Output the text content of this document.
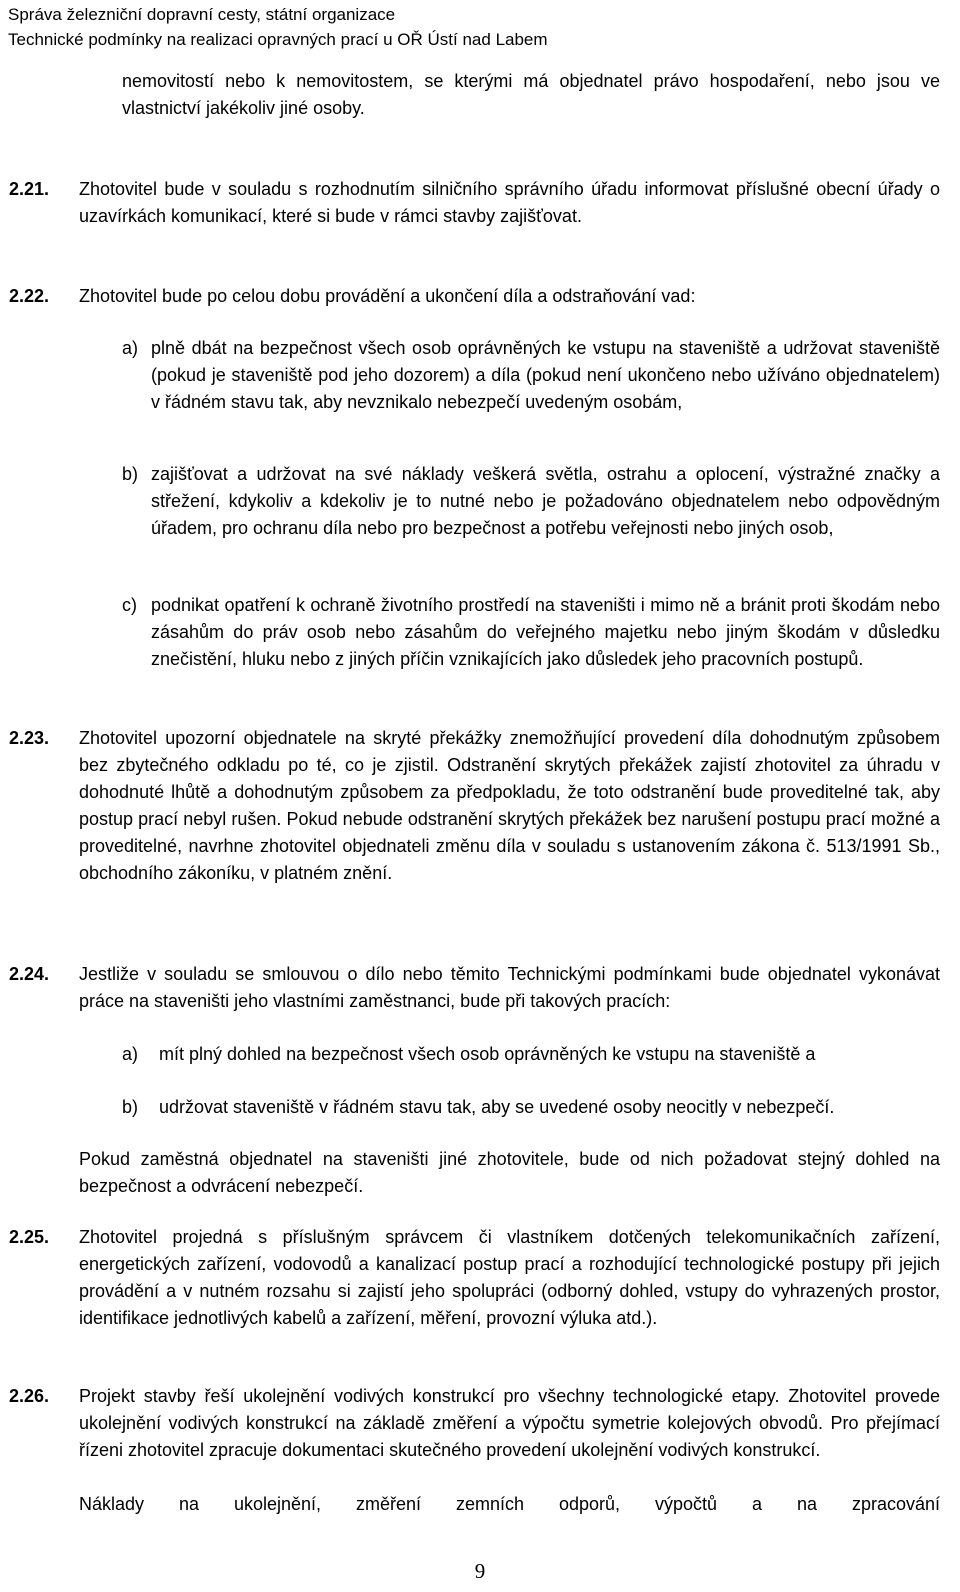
Správa železniční dopravní cesty, státní organizace
Technické podmínky na realizaci opravných prací u OŘ Ústí nad Labem
nemovitostí nebo k nemovitostem, se kterými má objednatel právo hospodaření, nebo jsou ve vlastnictví jakékoliv jiné osoby.
2.21. Zhotovitel bude v souladu s rozhodnutím silničního správního úřadu informovat příslušné obecní úřady o uzavírkách komunikací, které si bude v rámci stavby zajišťovat.
2.22. Zhotovitel bude po celou dobu provádění a ukončení díla a odstraňování vad:
a) plně dbát na bezpečnost všech osob oprávněných ke vstupu na staveniště a udržovat staveniště (pokud je staveniště pod jeho dozorem) a díla (pokud není ukončeno nebo užíváno objednatelem) v řádném stavu tak, aby nevznikalo nebezpečí uvedeným osobám,
b) zajišťovat a udržovat na své náklady veškerá světla, ostrahu a oplocení, výstražné značky a střežení, kdykoliv a kdekoliv je to nutné nebo je požadováno objednatelem nebo odpovědným úřadem, pro ochranu díla nebo pro bezpečnost a potřebu veřejnosti nebo jiných osob,
c) podnikat opatření k ochraně životního prostředí na staveništi i mimo ně a bránit proti škodám nebo zásahům do práv osob nebo zásahům do veřejného majetku nebo jiným škodám v důsledku znečistění, hluku nebo z jiných příčin vznikajících jako důsledek jeho pracovních postupů.
2.23. Zhotovitel upozorní objednatele na skryté překážky znemožňující provedení díla dohodnutým způsobem bez zbytečného odkladu po té, co je zjistil. Odstranění skrytých překážek zajistí zhotovitel za úhradu v dohodnuté lhůtě a dohodnutým způsobem za předpokladu, že toto odstranění bude proveditelné tak, aby postup prací nebyl rušen. Pokud nebude odstranění skrytých překážek bez narušení postupu prací možné a proveditelné, navrhne zhotovitel objednateli změnu díla v souladu s ustanovením zákona č. 513/1991 Sb., obchodního zákoníku, v platném znění.
2.24. Jestliže v souladu se smlouvou o dílo nebo těmito Technickými podmínkami bude objednatel vykonávat práce na staveništi jeho vlastními zaměstnanci, bude při takových pracích:
a) mít plný dohled na bezpečnost všech osob oprávněných ke vstupu na staveniště a
b) udržovat staveniště v řádném stavu tak, aby se uvedené osoby neocitly v nebezpečí.
Pokud zaměstná objednatel na staveništi jiné zhotovitele, bude od nich požadovat stejný dohled na bezpečnost a odvrácení nebezpečí.
2.25. Zhotovitel projedná s příslušným správcem či vlastníkem dotčených telekomunikačních zařízení, energetických zařízení, vodovodů a kanalizací postup prací a rozhodující technologické postupy při jejich provádění a v nutném rozsahu si zajistí jeho spolupráci (odborný dohled, vstupy do vyhrazených prostor, identifikace jednotlivých kabelů a zařízení, měření, provozní výluka atd.).
2.26. Projekt stavby řeší ukolejnění vodivých konstrukcí pro všechny technologické etapy. Zhotovitel provede ukolejnění vodivých konstrukcí na základě změření a výpočtu symetrie kolejových obvodů. Pro přejímací řízeni zhotovitel zpracuje dokumentaci skutečného provedení ukolejnění vodivých konstrukcí.
Náklady na ukolejnění, změření zemních odporů, výpočtů a na zpracování
9
